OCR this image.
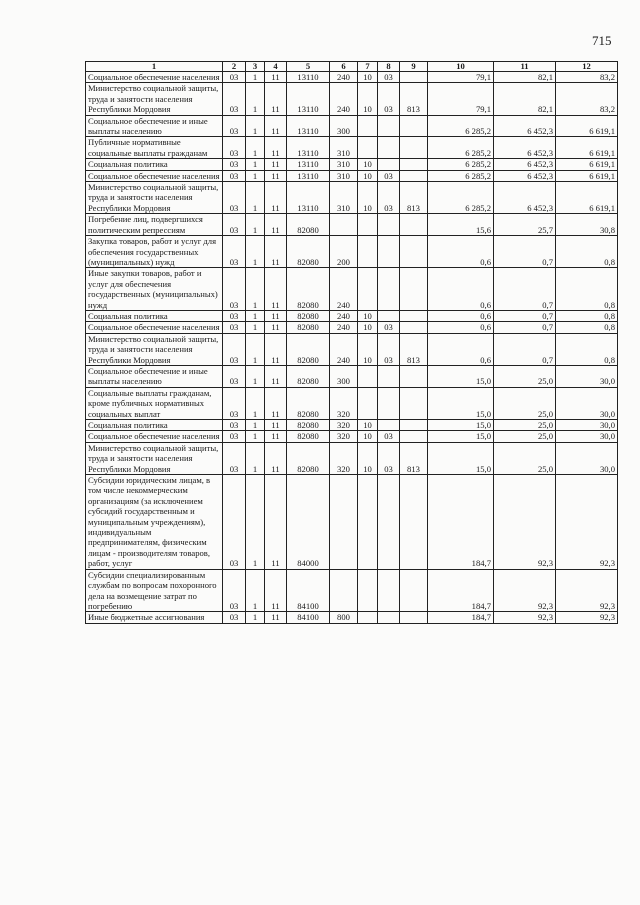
715
1	2	3	4	5	6	7	8	9	10	11	12
Социальное обеспечение населения	03	1	11	13110	240	10	03		79,1	82,1	83,2
Министерство социальной защиты, труда и занятости населения Республики Мордовия	03	1	11	13110	240	10	03	813	79,1	82,1	83,2
Социальное обеспечение и иные выплаты населению	03	1	11	13110	300				6 285,2	6 452,3	6 619,1
Публичные нормативные социальные выплаты гражданам	03	1	11	13110	310				6 285,2	6 452,3	6 619,1
Социальная политика	03	1	11	13110	310	10			6 285,2	6 452,3	6 619,1
Социальное обеспечение населения	03	1	11	13110	310	10	03		6 285,2	6 452,3	6 619,1
Министерство социальной защиты, труда и занятости населения Республики Мордовия	03	1	11	13110	310	10	03	813	6 285,2	6 452,3	6 619,1
Погребение лиц, подвергшихся политическим репрессиям	03	1	11	82080					15,6	25,7	30,8
Закупка товаров, работ и услуг для обеспечения государственных (муниципальных) нужд	03	1	11	82080	200				0,6	0,7	0,8
Иные закупки товаров, работ и услуг для обеспечения государственных (муниципальных) нужд	03	1	11	82080	240				0,6	0,7	0,8
Социальная политика	03	1	11	82080	240	10			0,6	0,7	0,8
Социальное обеспечение населения	03	1	11	82080	240	10	03		0,6	0,7	0,8
Министерство социальной защиты, труда и занятости населения Республики Мордовия	03	1	11	82080	240	10	03	813	0,6	0,7	0,8
Социальное обеспечение и иные выплаты населению	03	1	11	82080	300				15,0	25,0	30,0
Социальные выплаты гражданам, кроме публичных нормативных социальных выплат	03	1	11	82080	320				15,0	25,0	30,0
Социальная политика	03	1	11	82080	320	10			15,0	25,0	30,0
Социальное обеспечение населения	03	1	11	82080	320	10	03		15,0	25,0	30,0
Министерство социальной защиты, труда и занятости населения Республики Мордовия	03	1	11	82080	320	10	03	813	15,0	25,0	30,0
Субсидии юридическим лицам, в том числе некоммерческим организациям (за исключением субсидий государственным и муниципальным учреждениям), индивидуальным предпринимателям, физическим лицам - производителям товаров, работ, услуг	03	1	11	84000					184,7	92,3	92,3
Субсидии специализированным службам по вопросам похоронного дела на возмещение затрат по погребению	03	1	11	84100					184,7	92,3	92,3
Иные бюджетные ассигнования	03	1	11	84100	800				184,7	92,3	92,3
